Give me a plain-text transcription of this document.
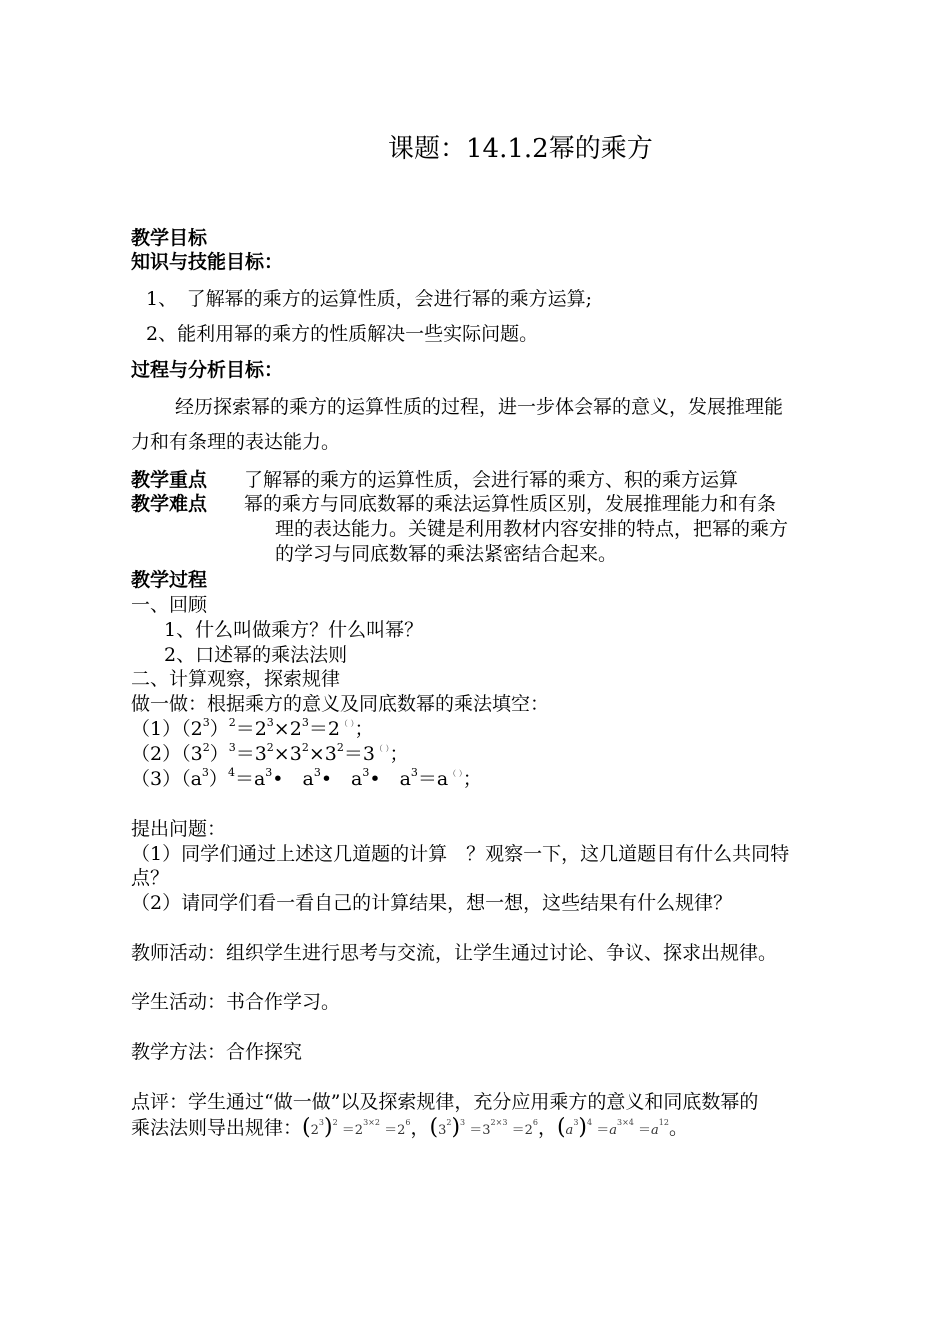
课题：14.1.2幂的乘方
教学目标
知识与技能目标：
1、　了解幂的乘方的运算性质，会进行幂的乘方运算;
2、能利用幂的乘方的性质解决一些实际问题。
过程与分析目标：
经历探索幂的乘方的运算性质的过程，进一步体会幂的意义，发展推理能
力和有条理的表达能力。
教学重点 了解幂的乘方的运算性质，会进行幂的乘方、积的乘方运算
教学难点 幂的乘方与同底数幂的乘法运算性质区别，发展推理能力和有条
理的表达能力。关键是利用教材内容安排的特点，把幂的乘方
的学习与同底数幂的乘法紧密结合起来。
教学过程
一、回顾
1、什么叫做乘方？什么叫幂？
2、口述幂的乘法法则
二、计算观察，探索规律
做一做：根据乘方的意义及同底数幂的乘法填空：
$(1)(2^3)^2=2^3\times 2^3=2^{( )}$；
$(2)(3^2)^3=3^2\times 3^2\times 3^2=3^{( )}$；
$(3)(a^3)^4=a^3•$　$a^3•$　$a^3•$　$a^3=a^{( )}$；
提出问题：
（1）同学们通过上述这几道题的计算　？观察一下，这几道题目有什么共同特
点？
（2）请同学们看一看自己的计算结果，想一想，这些结果有什么规律？
教师活动：组织学生进行思考与交流，让学生通过讨论、争议、探求出规律。
学生活动：书合作学习。
教学方法：合作探究
点评：学生通过“做一做”以及探索规律，充分应用乘方的意义和同底数幂的
乘法法则导出规律：$(2^3)^2 =2^{3\times 2} =2^6$，$(3^2)^3 =3^{2\times 3} =2^6$，$(a^3)^4 =a^{3\times 4} =a^{12}$。
